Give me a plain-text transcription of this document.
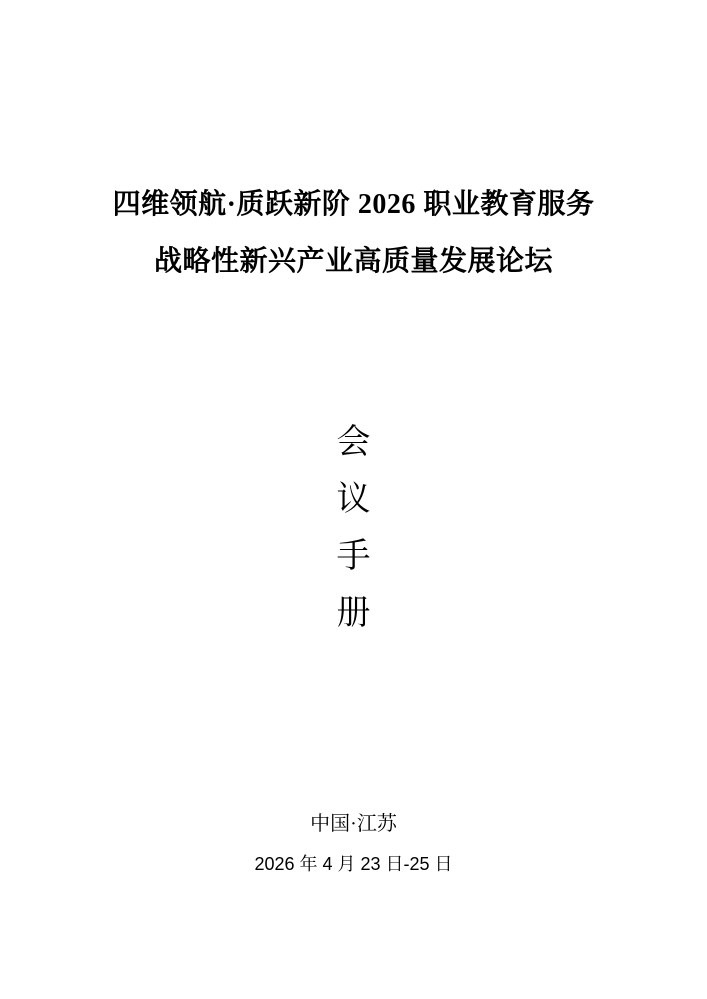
四维领航·质跃新阶 2026 职业教育服务
战略性新兴产业高质量发展论坛
会
议
手
册
中国·江苏
2026 年 4 月 23 日-25 日
